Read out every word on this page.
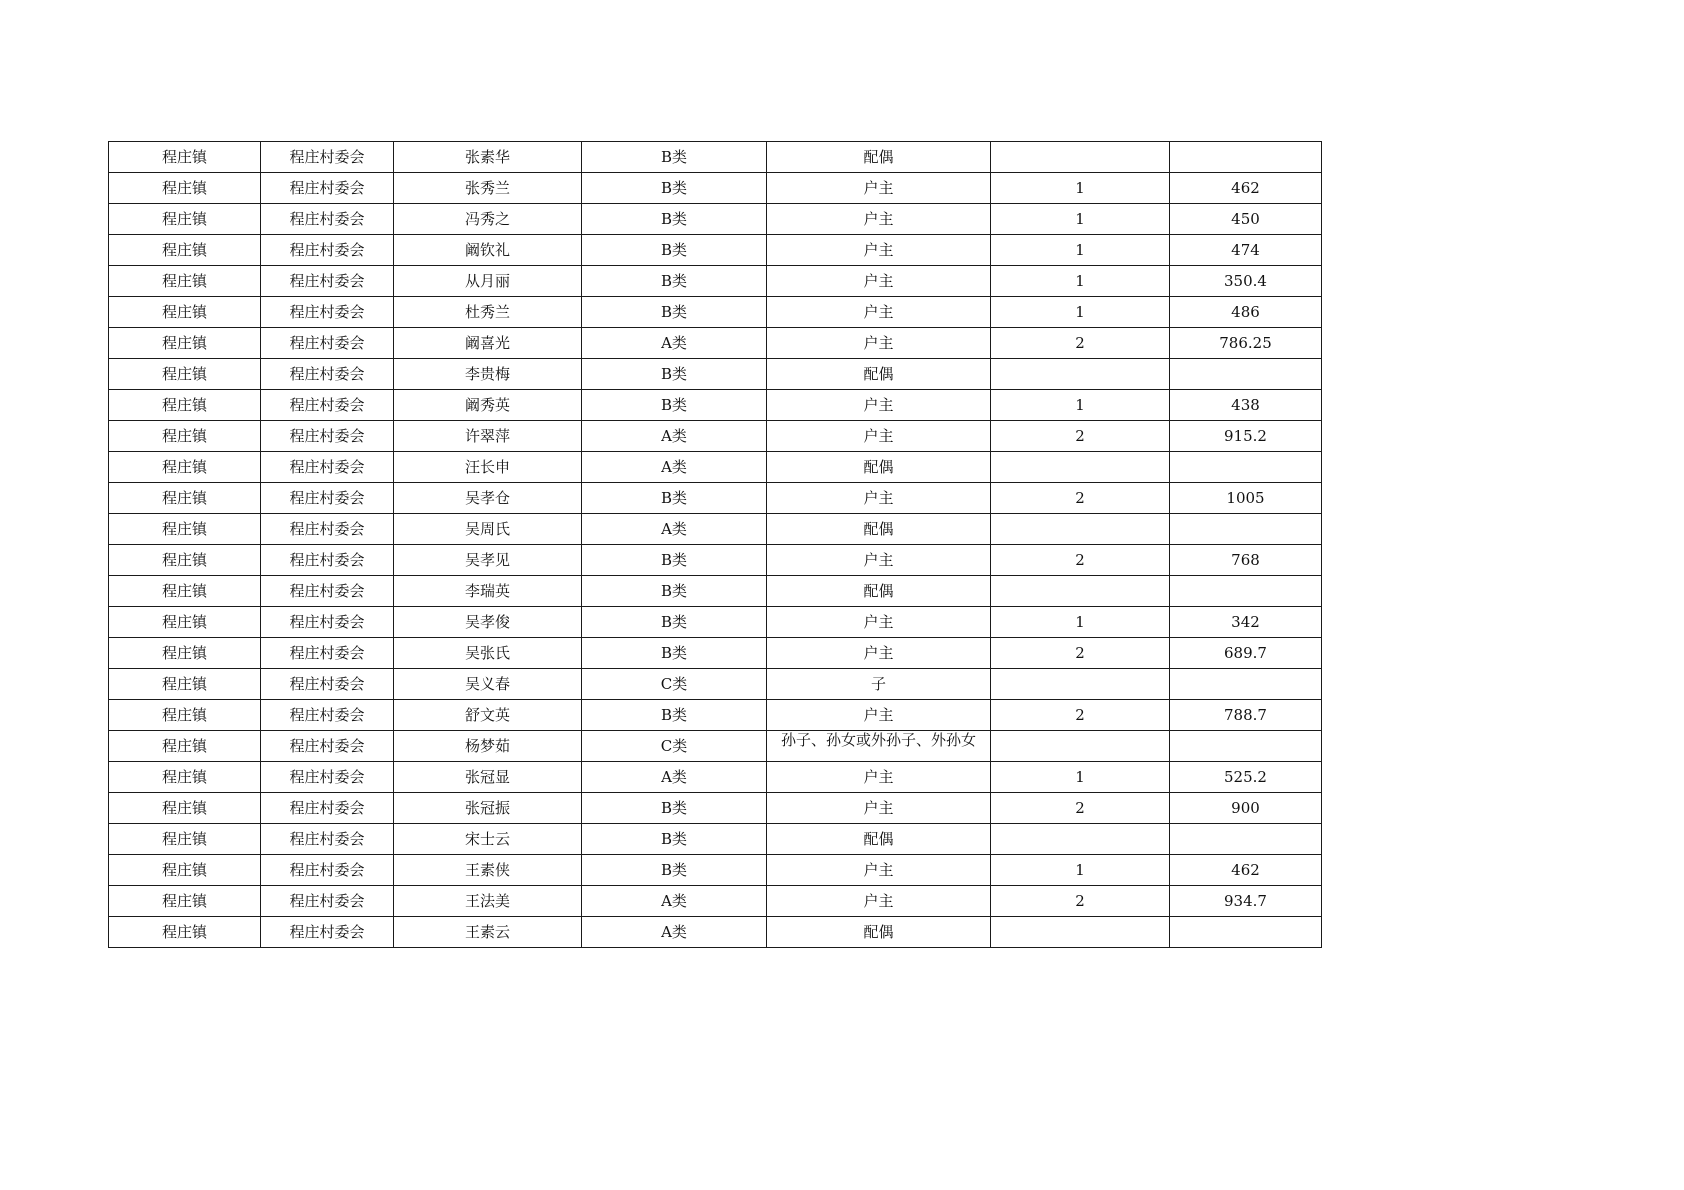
程庄镇	程庄村委会	张素华	B类	配偶		
程庄镇	程庄村委会	张秀兰	B类	户主	1	462
程庄镇	程庄村委会	冯秀之	B类	户主	1	450
程庄镇	程庄村委会	阚钦礼	B类	户主	1	474
程庄镇	程庄村委会	从月丽	B类	户主	1	350.4
程庄镇	程庄村委会	杜秀兰	B类	户主	1	486
程庄镇	程庄村委会	阚喜光	A类	户主	2	786.25
程庄镇	程庄村委会	李贵梅	B类	配偶		
程庄镇	程庄村委会	阚秀英	B类	户主	1	438
程庄镇	程庄村委会	许翠萍	A类	户主	2	915.2
程庄镇	程庄村委会	汪长申	A类	配偶		
程庄镇	程庄村委会	吴孝仓	B类	户主	2	1005
程庄镇	程庄村委会	吴周氏	A类	配偶		
程庄镇	程庄村委会	吴孝见	B类	户主	2	768
程庄镇	程庄村委会	李瑞英	B类	配偶		
程庄镇	程庄村委会	吴孝俊	B类	户主	1	342
程庄镇	程庄村委会	吴张氏	B类	户主	2	689.7
程庄镇	程庄村委会	吴义春	C类	子		
程庄镇	程庄村委会	舒文英	B类	户主	2	788.7
程庄镇	程庄村委会	杨梦茹	C类	孙子、孙女或外孙子、外孙女		
程庄镇	程庄村委会	张冠显	A类	户主	1	525.2
程庄镇	程庄村委会	张冠振	B类	户主	2	900
程庄镇	程庄村委会	宋士云	B类	配偶		
程庄镇	程庄村委会	王素侠	B类	户主	1	462
程庄镇	程庄村委会	王法美	A类	户主	2	934.7
程庄镇	程庄村委会	王素云	A类	配偶		
